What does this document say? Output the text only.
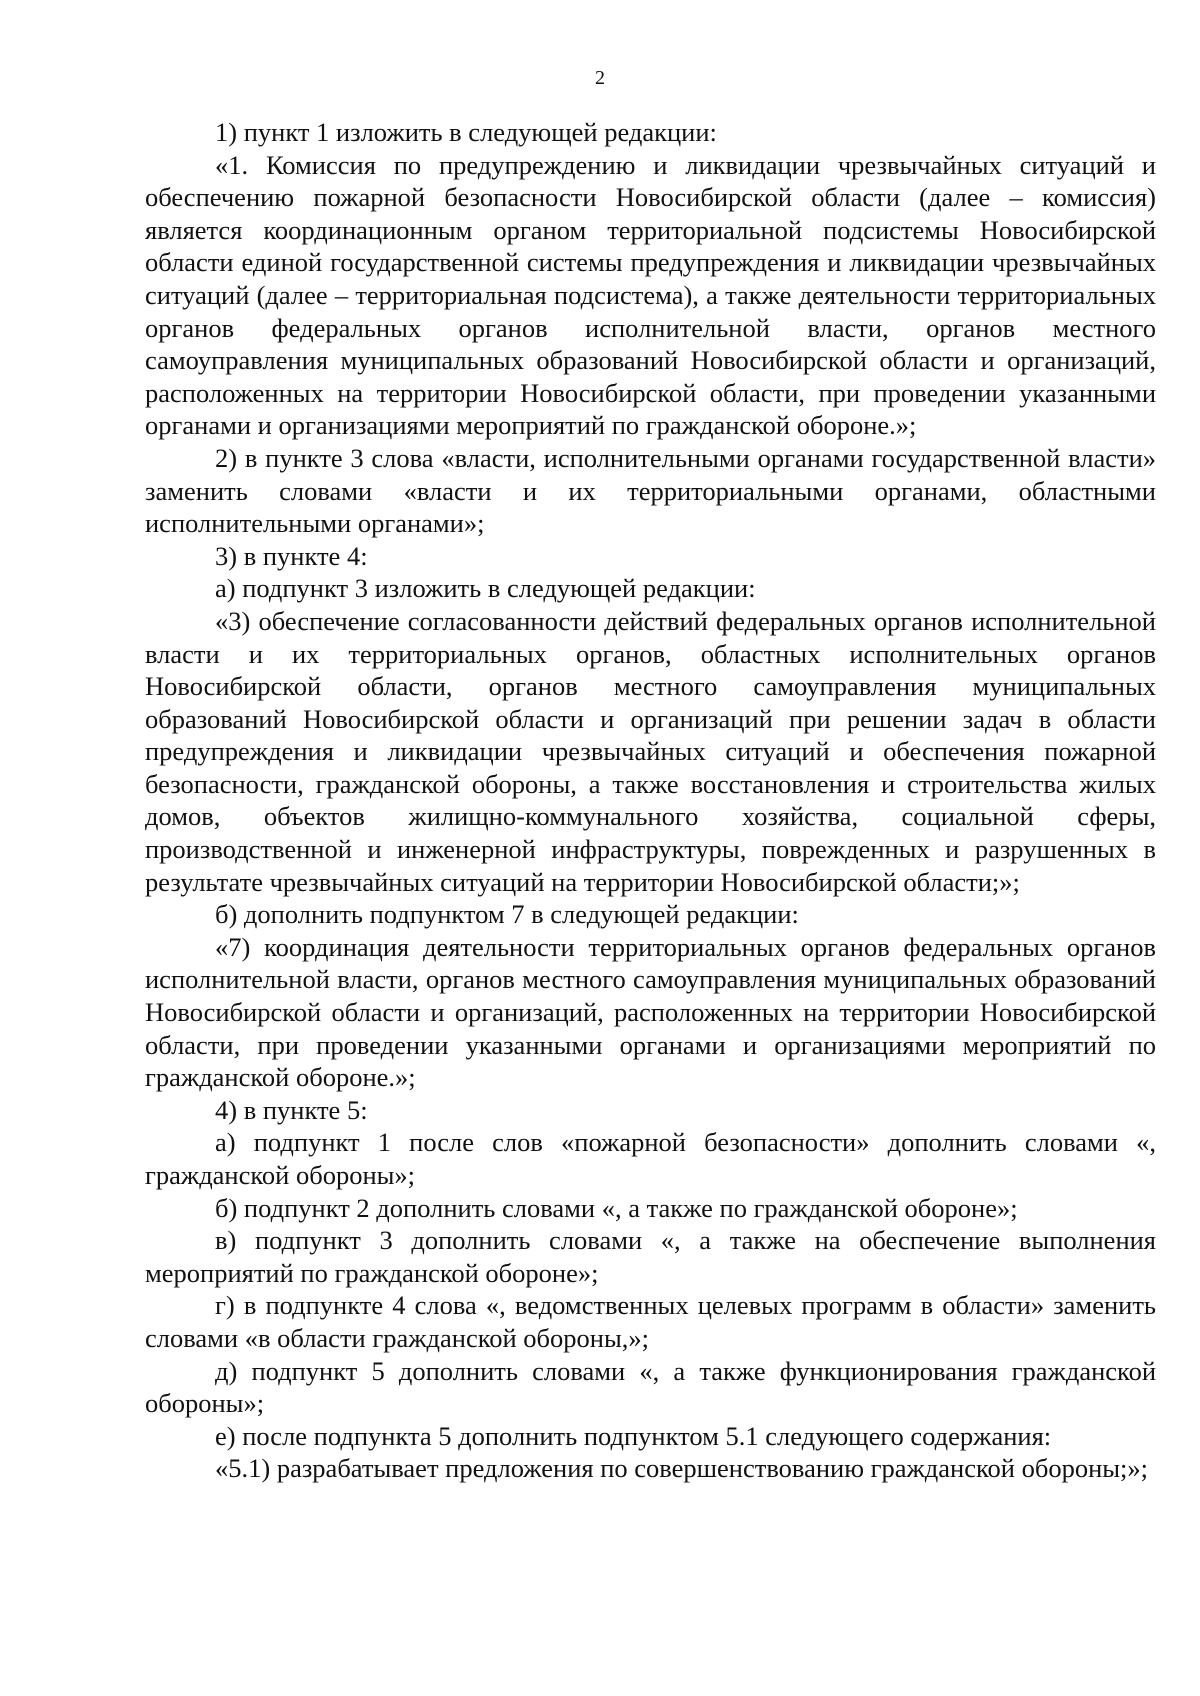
2

1) пункт 1 изложить в следующей редакции:

«1. Комиссия по предупреждению и ликвидации чрезвычайных ситуаций и обеспечению пожарной безопасности Новосибирской области (далее – комиссия) является координационным органом территориальной подсистемы Новосибирской области единой государственной системы предупреждения и ликвидации чрезвычайных ситуаций (далее – территориальная подсистема), а также деятельности территориальных органов федеральных органов исполнительной власти, органов местного самоуправления муниципальных образований Новосибирской области и организаций, расположенных на территории Новосибирской области, при проведении указанными органами и организациями мероприятий по гражданской обороне.»;

2) в пункте 3 слова «власти, исполнительными органами государственной власти» заменить словами «власти и их территориальными органами, областными исполнительными органами»;

3) в пункте 4:

а) подпункт 3 изложить в следующей редакции:

«3) обеспечение согласованности действий федеральных органов исполнительной власти и их территориальных органов, областных исполнительных органов Новосибирской области, органов местного самоуправления муниципальных образований Новосибирской области и организаций при решении задач в области предупреждения и ликвидации чрезвычайных ситуаций и обеспечения пожарной безопасности, гражданской обороны, а также восстановления и строительства жилых домов, объектов жилищно-коммунального хозяйства, социальной сферы, производственной и инженерной инфраструктуры, поврежденных и разрушенных в результате чрезвычайных ситуаций на территории Новосибирской области;»;

б) дополнить подпунктом 7 в следующей редакции:

«7) координация деятельности территориальных органов федеральных органов исполнительной власти, органов местного самоуправления муниципальных образований Новосибирской области и организаций, расположенных на территории Новосибирской области, при проведении указанными органами и организациями мероприятий по гражданской обороне.»;

4) в пункте 5:

а) подпункт 1 после слов «пожарной безопасности» дополнить словами «, гражданской обороны»;

б) подпункт 2 дополнить словами «, а также по гражданской обороне»;

в) подпункт 3 дополнить словами «, а также на обеспечение выполнения мероприятий по гражданской обороне»;

г) в подпункте 4 слова «, ведомственных целевых программ в области» заменить словами «в области гражданской обороны,»;

д) подпункт 5 дополнить словами «, а также функционирования гражданской обороны»;

е) после подпункта 5 дополнить подпунктом 5.1 следующего содержания:

«5.1) разрабатывает предложения по совершенствованию гражданской обороны;»;
